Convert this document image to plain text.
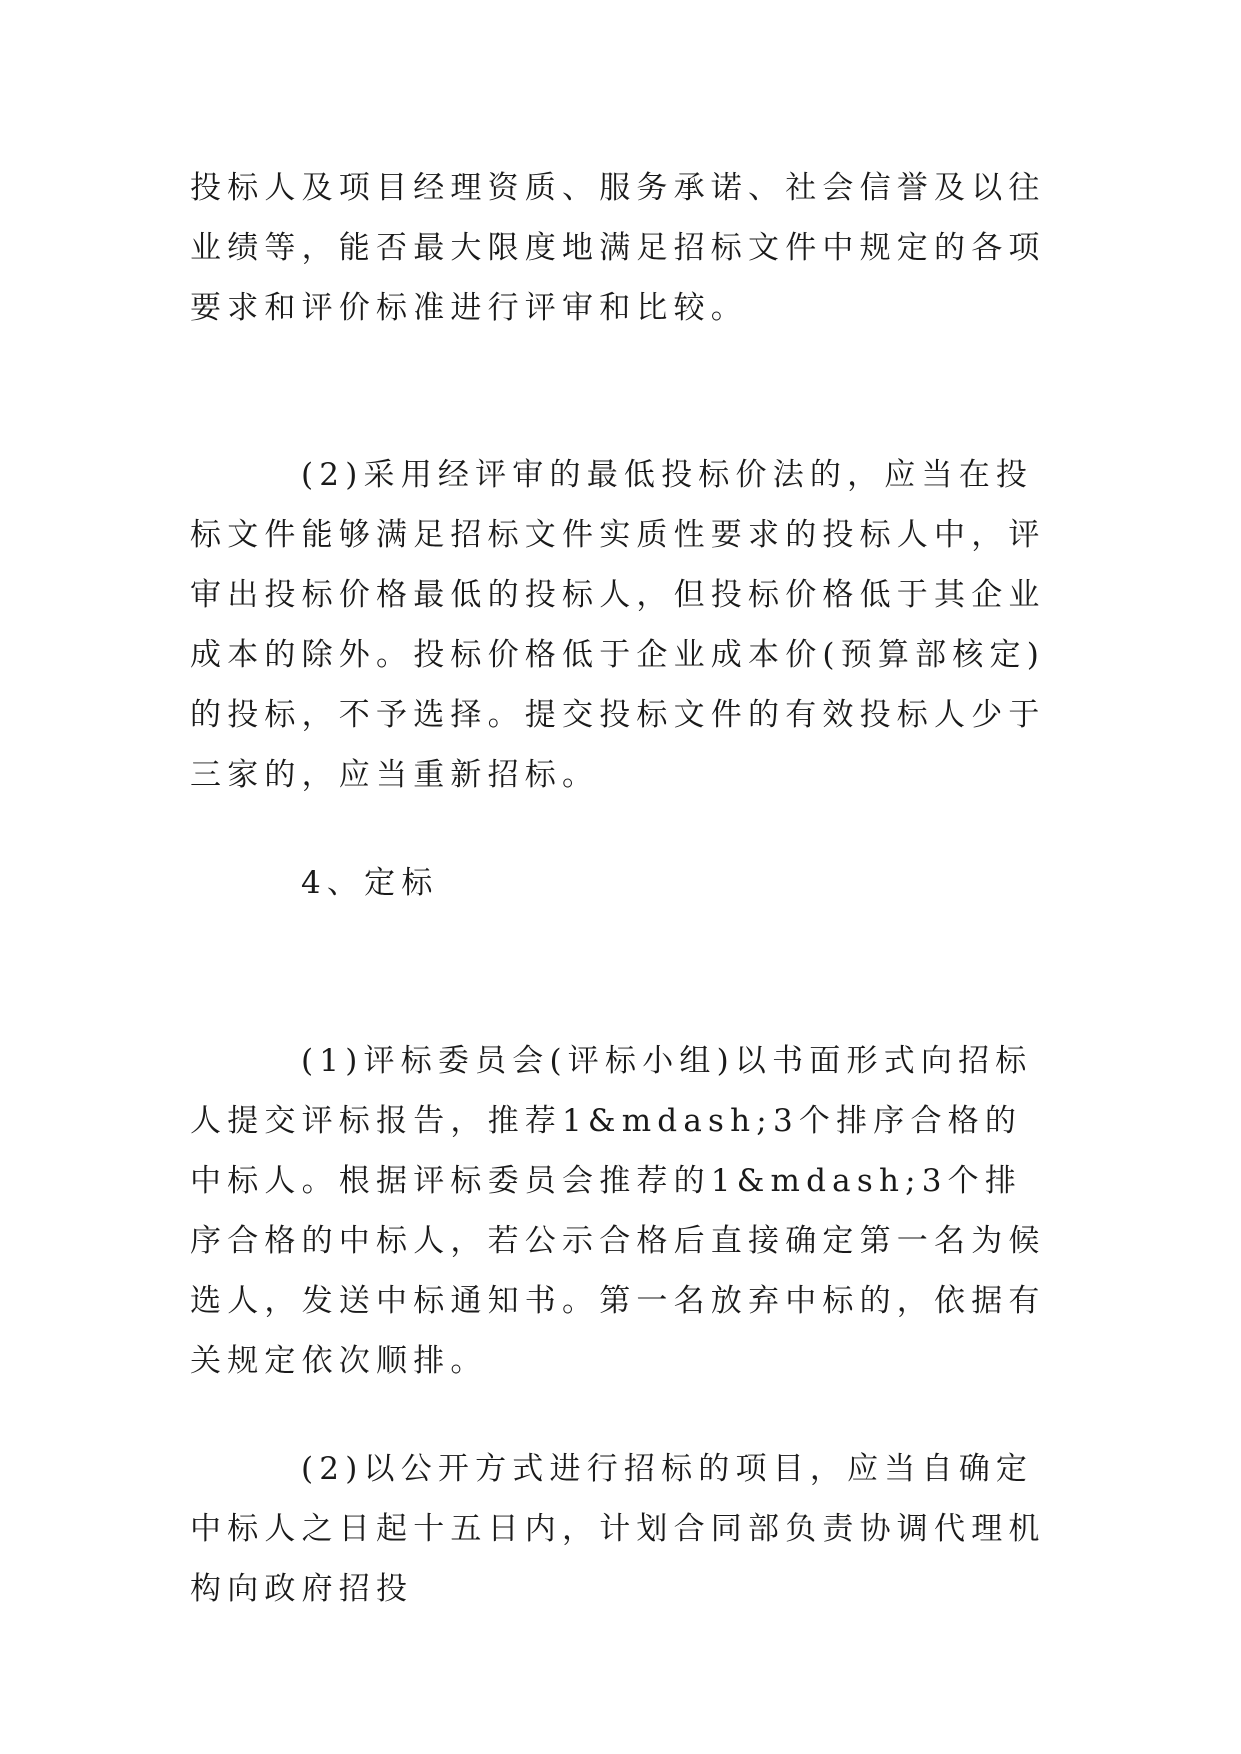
投标人及项目经理资质、服务承诺、社会信誉及以往业绩等，能否最大限度地满足招标文件中规定的各项要求和评价标准进行评审和比较。

(2)采用经评审的最低投标价法的，应当在投标文件能够满足招标文件实质性要求的投标人中，评审出投标价格最低的投标人，但投标价格低于其企业成本的除外。投标价格低于企业成本价(预算部核定)的投标，不予选择。提交投标文件的有效投标人少于三家的，应当重新招标。

4、定标

(1)评标委员会(评标小组)以书面形式向招标人提交评标报告，推荐1&mdash;3个排序合格的中标人。根据评标委员会推荐的1&mdash;3个排序合格的中标人，若公示合格后直接确定第一名为候选人，发送中标通知书。第一名放弃中标的，依据有关规定依次顺排。

(2)以公开方式进行招标的项目，应当自确定中标人之日起十五日内，计划合同部负责协调代理机构向政府招投
